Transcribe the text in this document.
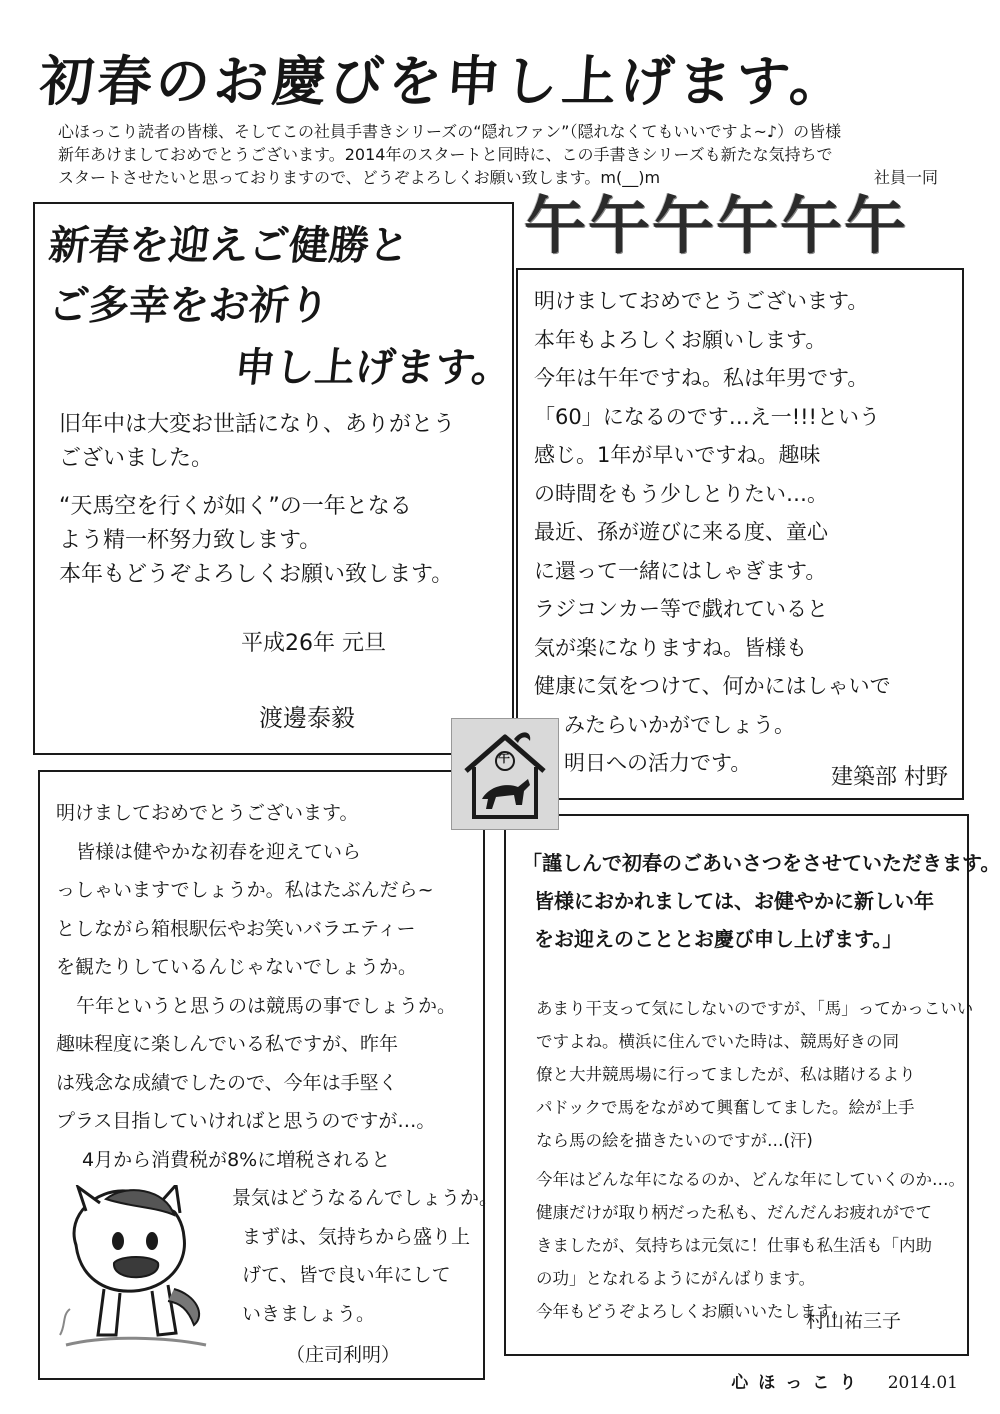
初春のお慶びを申し上げます。
心ほっこり読者の皆様、そしてこの社員手書きシリーズの“隠れファン”（隠れなくてもいいですよ~♪）の皆様
新年あけましておめでとうございます。2014年のスタートと同時に、この手書きシリーズも新たな気持ちで
スタートさせたいと思っておりますので、どうぞよろしくお願い致します。m(__)m	社員一同
新春を迎えご健勝と
ご多幸をお祈り
申し上げます。
旧年中は大変お世話になり、ありがとう
ございました。
“天馬空を行くが如く”の一年となる
よう精一杯努力致します。
本年もどうぞよろしくお願い致します。
平成26年 元旦
渡邊泰毅
午午午午午午
明けましておめでとうございます。
本年もよろしくお願いします。
今年は午年ですね。私は年男です。
「60」になるのです…え一!!!という
感じ。1年が早いですね。趣味
の時間をもう少しとりたい…。
最近、孫が遊びに来る度、童心
に還って一緒にはしゃぎます。
ラジコンカー等で戯れていると
気が楽になりますね。皆様も
健康に気をつけて、何かにはしゃいで
みたらいかがでしょう。
明日への活力です。
建築部 村野
明けましておめでとうございます。
皆様は健やかな初春を迎えていら
っしゃいますでしょうか。私はたぶんだら~
としながら箱根駅伝やお笑いバラエティー
を観たりしているんじゃないでしょうか。
午年というと思うのは競馬の事でしょうか。
趣味程度に楽しんでいる私ですが、昨年
は残念な成績でしたので、今年は手堅く
プラス目指していければと思うのですが…。
4月から消費税が8%に増税されると
景気はどうなるんでしょうか。
まずは、気持ちから盛り上
げて、皆で良い年にして
いきましょう。
（庄司利明）
「謹しんで初春のごあいさつをさせていただきます。
皆様におかれましては、お健やかに新しい年
をお迎えのこととお慶び申し上げます。」
あまり干支って気にしないのですが、「馬」ってかっこいい
ですよね。横浜に住んでいた時は、競馬好きの同
僚と大井競馬場に行ってましたが、私は賭けるより
パドックで馬をながめて興奮してました。絵が上手
なら馬の絵を描きたいのですが…(汗)
今年はどんな年になるのか、どんな年にしていくのか…。
健康だけが取り柄だった私も、だんだんお疲れがでて
きましたが、気持ちは元気に！仕事も私生活も「内助
の功」となれるようにがんばります。
今年もどうぞよろしくお願いいたします。
村山祐三子
午
心ほっこり 2014.01
